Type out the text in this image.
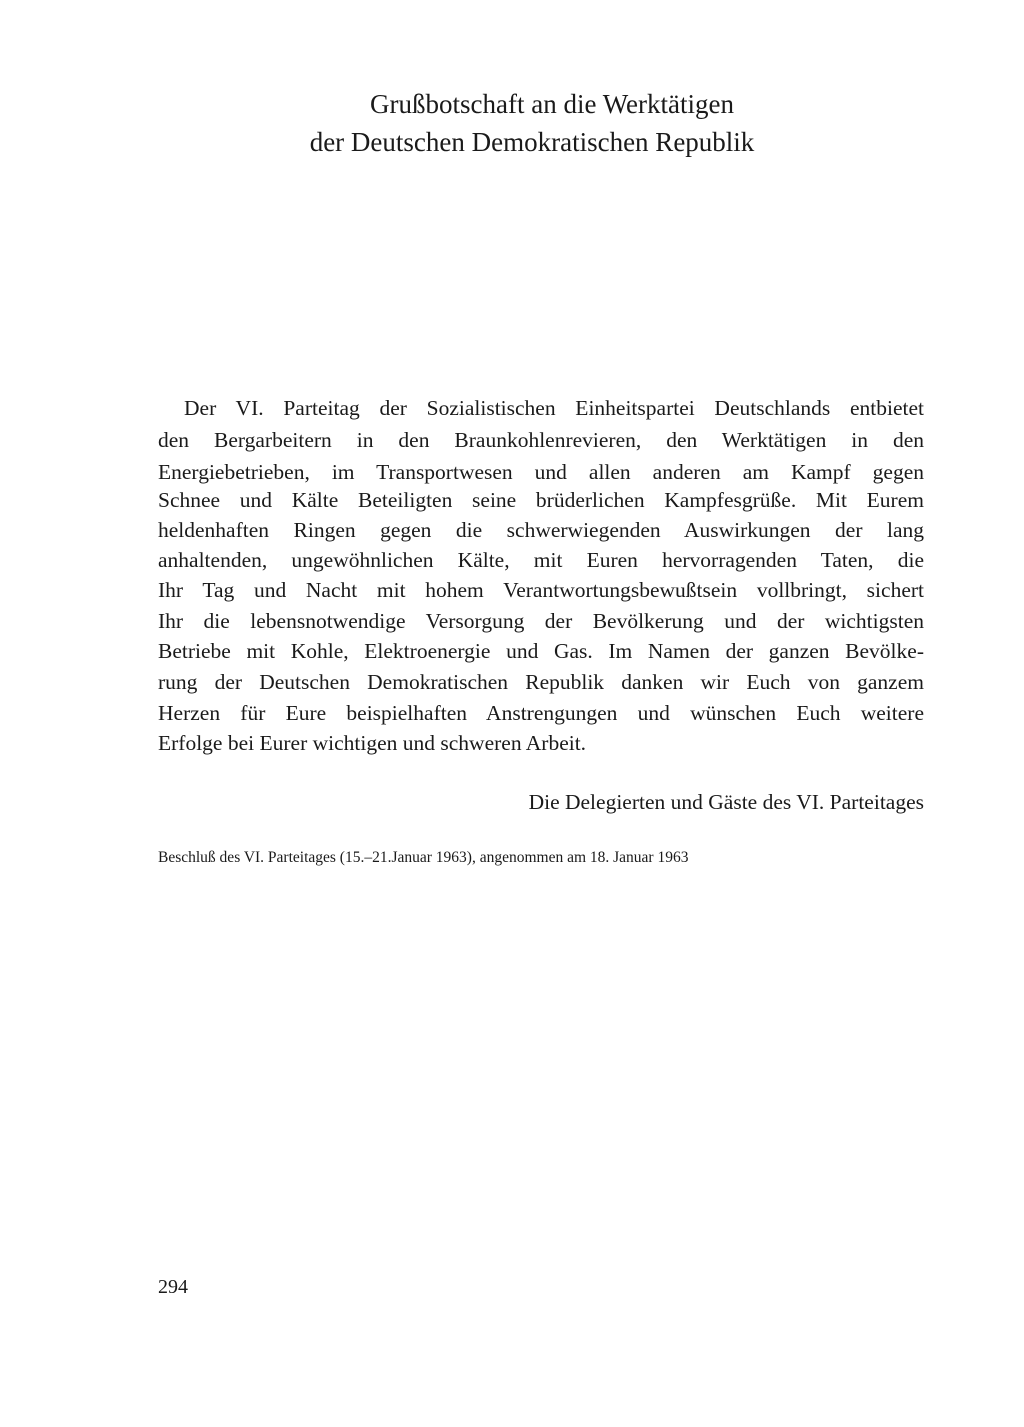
Grußbotschaft an die Werktätigen
der Deutschen Demokratischen Republik

Der VI. Parteitag der Sozialistischen Einheitspartei Deutschlands entbietet

den Bergarbeitern in den Braunkohlenrevieren, den Werktätigen in den

Energiebetrieben, im Transportwesen und allen anderen am Kampf gegen

Schnee und Kälte Beteiligten seine brüderlichen Kampfesgrüße. Mit Eurem

heldenhaften Ringen gegen die schwerwiegenden Auswirkungen der lang

anhaltenden, ungewöhnlichen Kälte, mit Euren hervorragenden Taten, die

Ihr Tag und Nacht mit hohem Verantwortungsbewußtsein vollbringt, sichert

Ihr die lebensnotwendige Versorgung der Bevölkerung und der wichtigsten

Betriebe mit Kohle, Elektroenergie und Gas. Im Namen der ganzen Bevölke-

rung der Deutschen Demokratischen Republik danken wir Euch von ganzem

Herzen für Eure beispielhaften Anstrengungen und wünschen Euch weitere

Erfolge bei Eurer wichtigen und schweren Arbeit.

Die Delegierten und Gäste des VI. Parteitages

Beschluß des VI. Parteitages (15.–21.Januar 1963), angenommen am 18. Januar 1963

294
